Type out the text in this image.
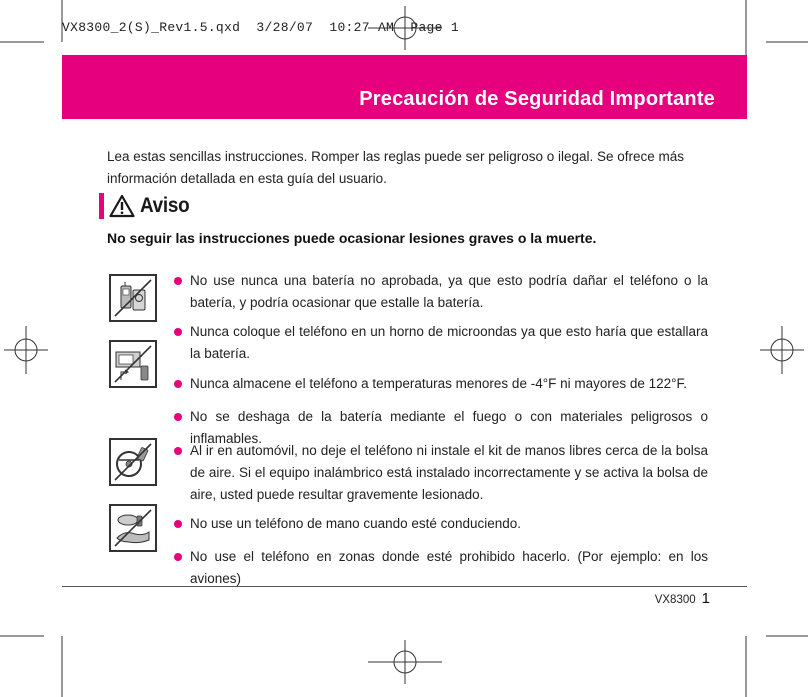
VX8300_2(S)_Rev1.5.qxd  3/28/07  10:27 AM  Page 1
Precaución de Seguridad Importante
Lea estas sencillas instrucciones. Romper las reglas puede ser peligroso o ilegal. Se ofrece más información detallada en esta guía del usuario.
Aviso
No seguir las instrucciones puede ocasionar lesiones graves o la muerte.
No use nunca una batería no aprobada, ya que esto podría dañar el teléfono o la batería, y podría ocasionar que estalle la batería.
Nunca coloque el teléfono en un horno de microondas ya que esto haría que estallara la batería.
Nunca almacene el teléfono a temperaturas menores de -4°F ni mayores de 122°F.
No se deshaga de la batería mediante el fuego o con materiales peligrosos o inflamables.
Al ir en automóvil, no deje el teléfono ni instale el kit de manos libres cerca de la bolsa de aire. Si el equipo inalámbrico está instalado incorrectamente y se activa la bolsa de aire, usted puede resultar gravemente lesionado.
No use un teléfono de mano cuando esté conduciendo.
No use el teléfono en zonas donde esté prohibido hacerlo. (Por ejemplo: en los aviones)
VX8300 1
